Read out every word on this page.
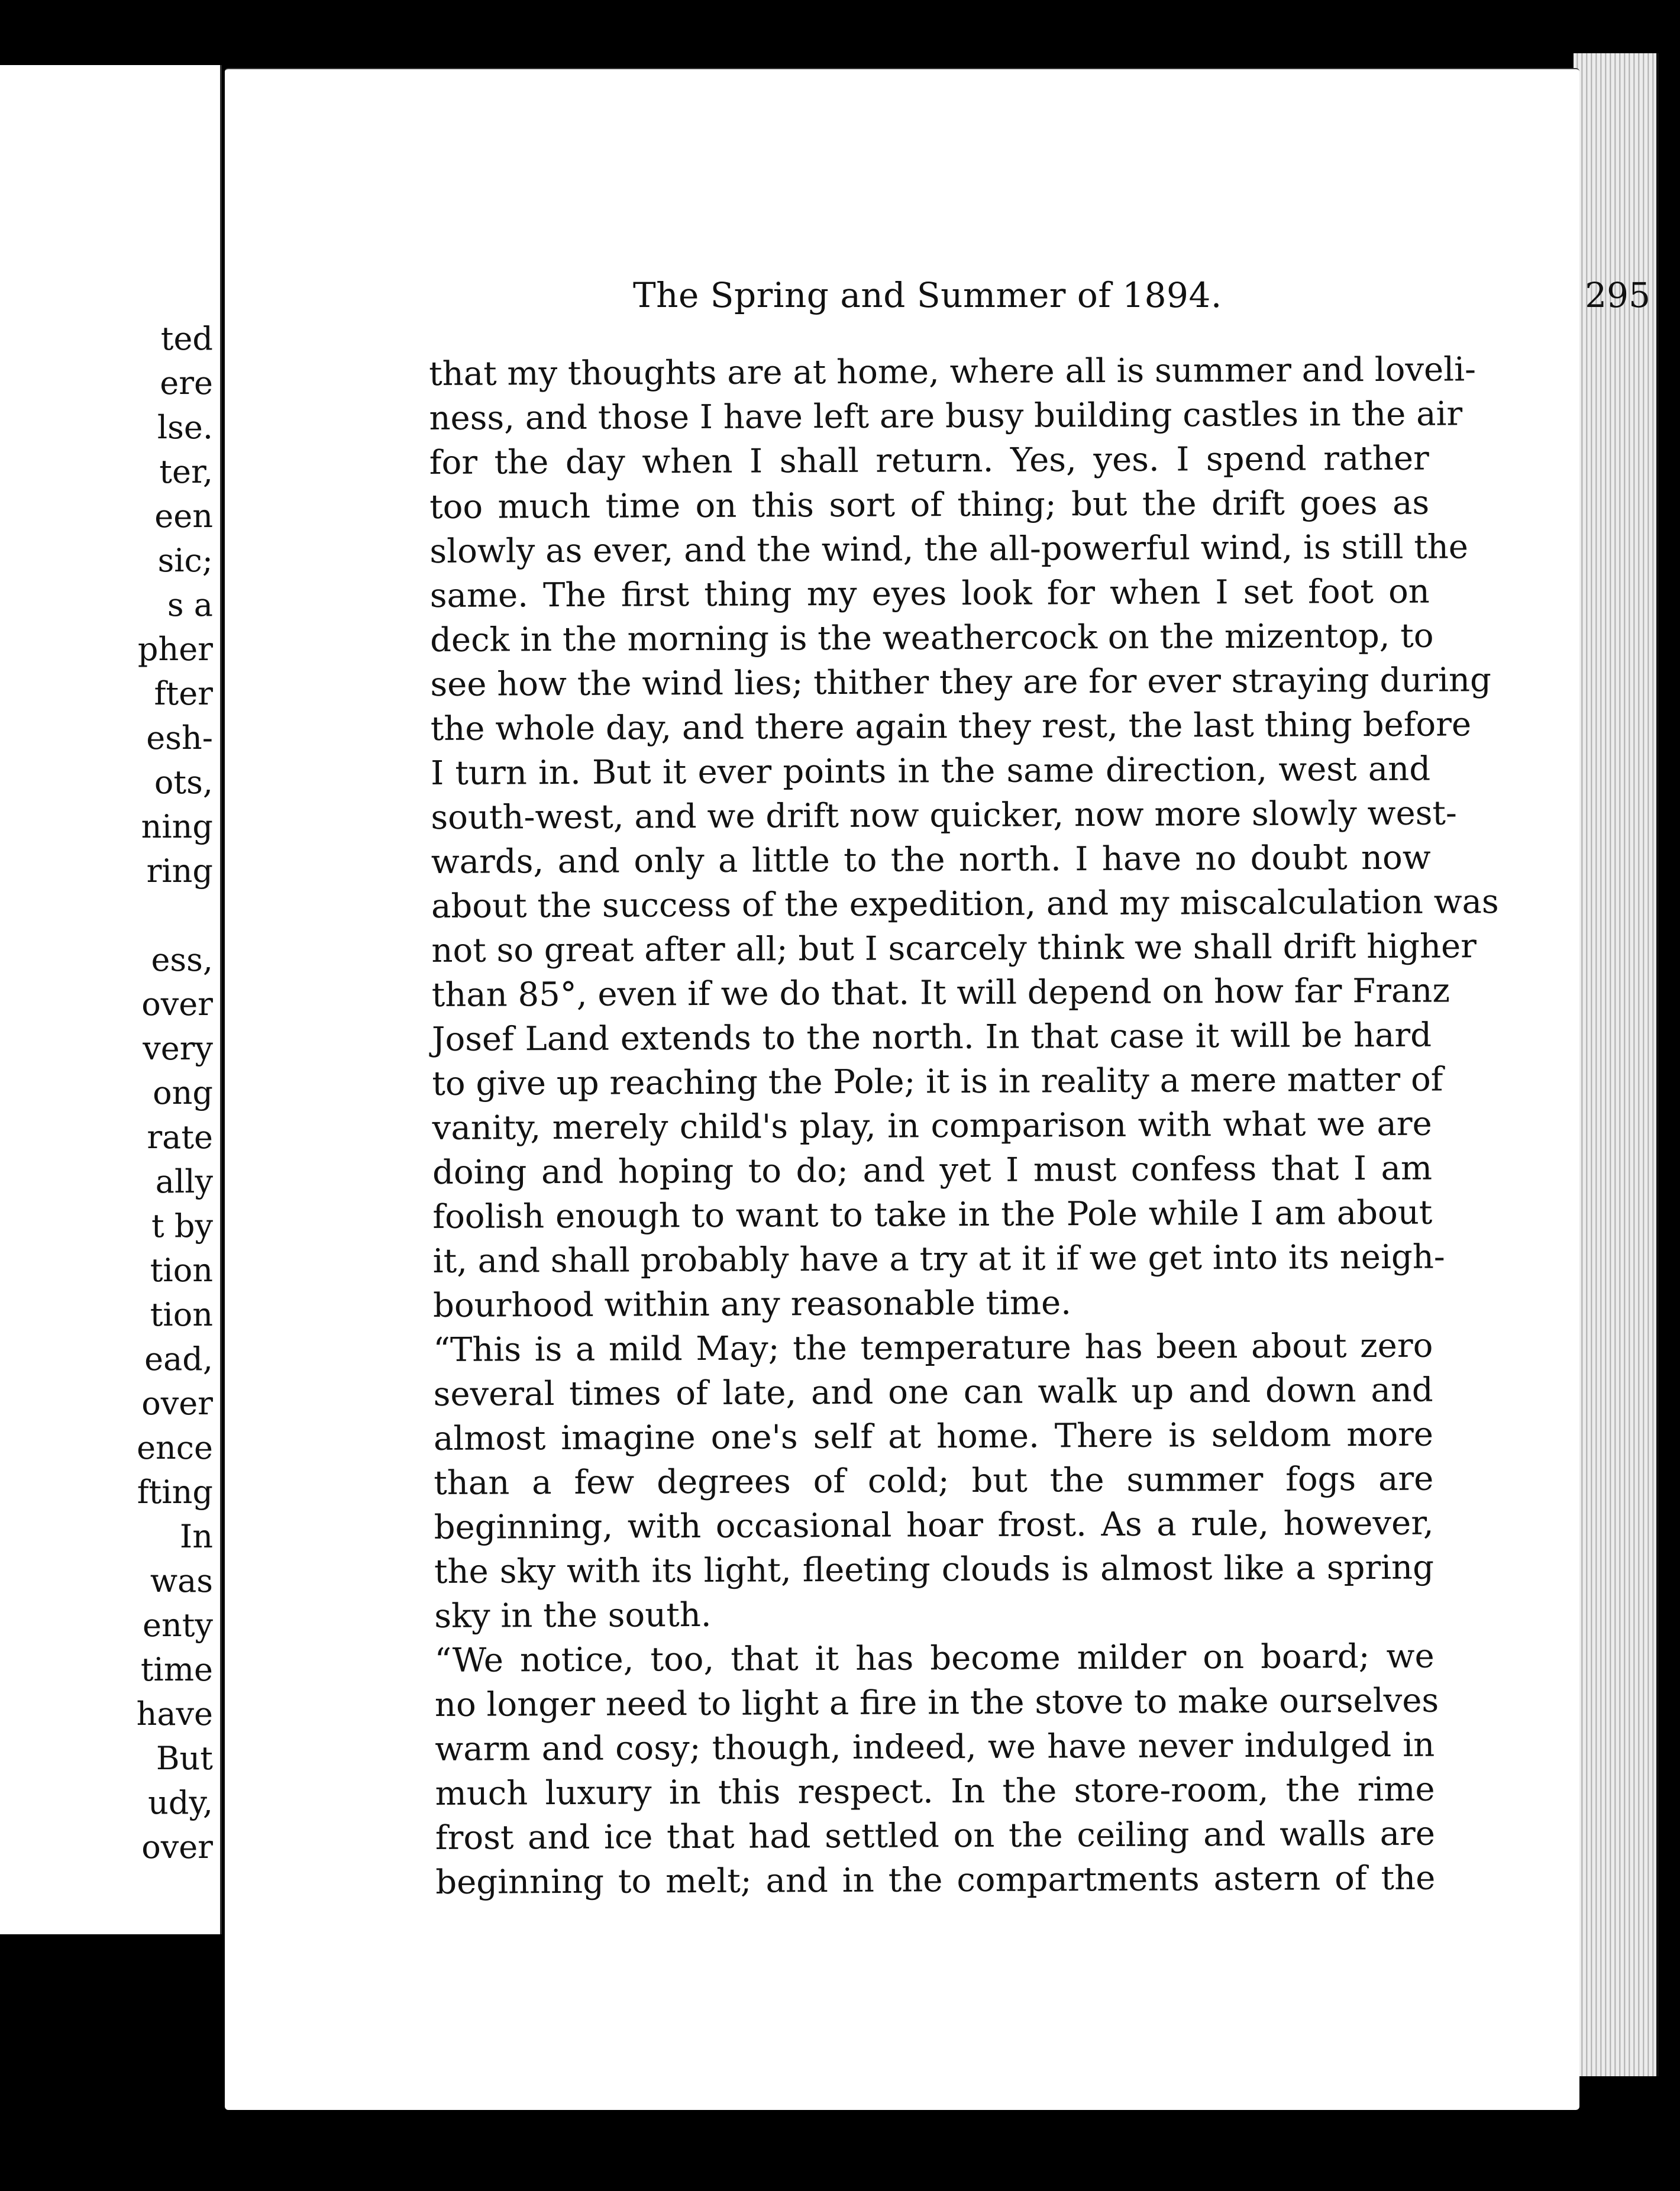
ted
ere
lse.
ter,
een
sic;
s a
pher
fter
esh-
ots,
ning
ring
ess,
over
very
ong
rate
ally
t by
tion
tion
ead,
over
ence
fting
In
was
enty
time
have
But
udy,
over
The Spring and Summer of 1894.	295
that my thoughts are at home, where all is summer and loveli-
ness, and those I have left are busy building castles in the air
for the day when I shall return. Yes, yes. I spend rather
too much time on this sort of thing; but the drift goes as
slowly as ever, and the wind, the all-powerful wind, is still the
same. The first thing my eyes look for when I set foot on
deck in the morning is the weathercock on the mizentop, to
see how the wind lies; thither they are for ever straying during
the whole day, and there again they rest, the last thing before
I turn in. But it ever points in the same direction, west and
south-west, and we drift now quicker, now more slowly west-
wards, and only a little to the north. I have no doubt now
about the success of the expedition, and my miscalculation was
not so great after all; but I scarcely think we shall drift higher
than 85°, even if we do that. It will depend on how far Franz
Josef Land extends to the north. In that case it will be hard
to give up reaching the Pole; it is in reality a mere matter of
vanity, merely child's play, in comparison with what we are
doing and hoping to do; and yet I must confess that I am
foolish enough to want to take in the Pole while I am about
it, and shall probably have a try at it if we get into its neigh-
bourhood within any reasonable time.
“This is a mild May; the temperature has been about zero
several times of late, and one can walk up and down and
almost imagine one's self at home. There is seldom more
than a few degrees of cold; but the summer fogs are
beginning, with occasional hoar frost. As a rule, however,
the sky with its light, fleeting clouds is almost like a spring
sky in the south.
“We notice, too, that it has become milder on board; we
no longer need to light a fire in the stove to make ourselves
warm and cosy; though, indeed, we have never indulged in
much luxury in this respect. In the store-room, the rime
frost and ice that had settled on the ceiling and walls are
beginning to melt; and in the compartments astern of the
